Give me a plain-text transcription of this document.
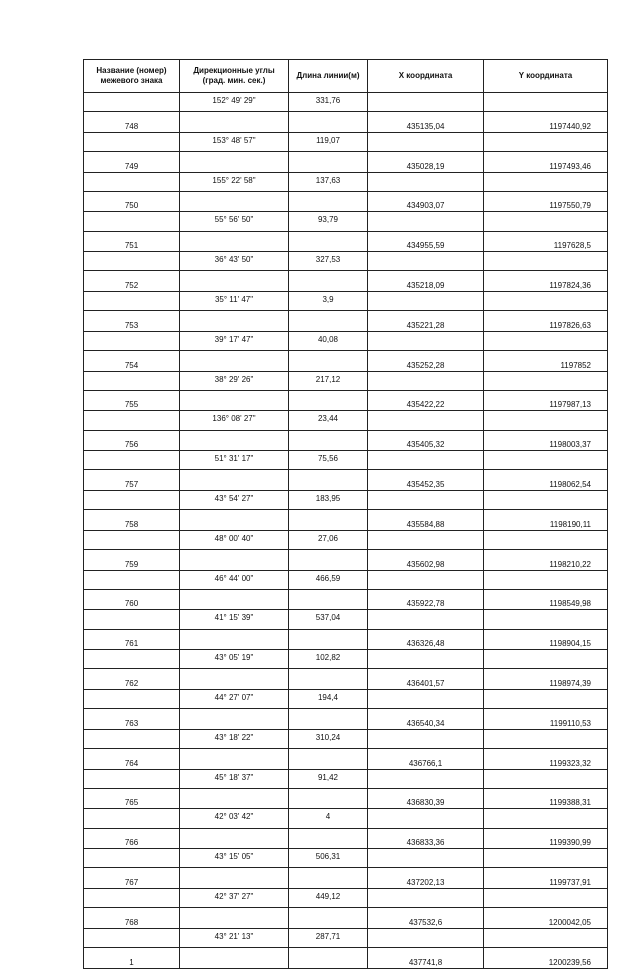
Название (номер)
межевого знака	Дирекционные углы
(град. мин. сек.)	Длина линии(м)	X координата	Y координата
	152° 49' 29"	331,76		
748			435135,04	1197440,92
	153° 48' 57"	119,07		
749			435028,19	1197493,46
	155° 22' 58"	137,63		
750			434903,07	1197550,79
	55° 56' 50"	93,79		
751			434955,59	1197628,5
	36° 43' 50"	327,53		
752			435218,09	1197824,36
	35° 11' 47"	3,9		
753			435221,28	1197826,63
	39° 17' 47"	40,08		
754			435252,28	1197852
	38° 29' 26"	217,12		
755			435422,22	1197987,13
	136° 08' 27"	23,44		
756			435405,32	1198003,37
	51° 31' 17"	75,56		
757			435452,35	1198062,54
	43° 54' 27"	183,95		
758			435584,88	1198190,11
	48° 00' 40"	27,06		
759			435602,98	1198210,22
	46° 44' 00"	466,59		
760			435922,78	1198549,98
	41° 15' 39"	537,04		
761			436326,48	1198904,15
	43° 05' 19"	102,82		
762			436401,57	1198974,39
	44° 27' 07"	194,4		
763			436540,34	1199110,53
	43° 18' 22"	310,24		
764			436766,1	1199323,32
	45° 18' 37"	91,42		
765			436830,39	1199388,31
	42° 03' 42"	4		
766			436833,36	1199390,99
	43° 15' 05"	506,31		
767			437202,13	1199737,91
	42° 37' 27"	449,12		
768			437532,6	1200042,05
	43° 21' 13"	287,71		
1			437741,8	1200239,56
